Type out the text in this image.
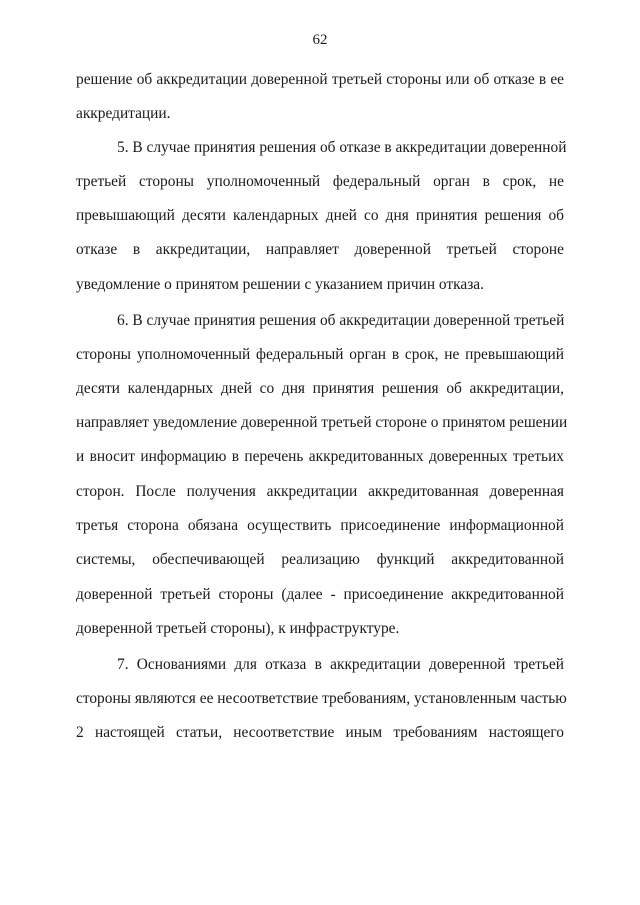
62
решение об аккредитации доверенной третьей стороны или об отказе в ее
аккредитации.
5. В случае принятия решения об отказе в аккредитации доверенной
третьей стороны уполномоченный федеральный орган в срок, не
превышающий десяти календарных дней со дня принятия решения об
отказе в аккредитации, направляет доверенной третьей стороне
уведомление о принятом решении с указанием причин отказа.
6. В случае принятия решения об аккредитации доверенной третьей
стороны уполномоченный федеральный орган в срок, не превышающий
десяти календарных дней со дня принятия решения об аккредитации,
направляет уведомление доверенной третьей стороне о принятом решении
и вносит информацию в перечень аккредитованных доверенных третьих
сторон. После получения аккредитации аккредитованная доверенная
третья сторона обязана осуществить присоединение информационной
системы, обеспечивающей реализацию функций аккредитованной
доверенной третьей стороны (далее - присоединение аккредитованной
доверенной третьей стороны), к инфраструктуре.
7. Основаниями для отказа в аккредитации доверенной третьей
стороны являются ее несоответствие требованиям, установленным частью
2 настоящей статьи, несоответствие иным требованиям настоящего
